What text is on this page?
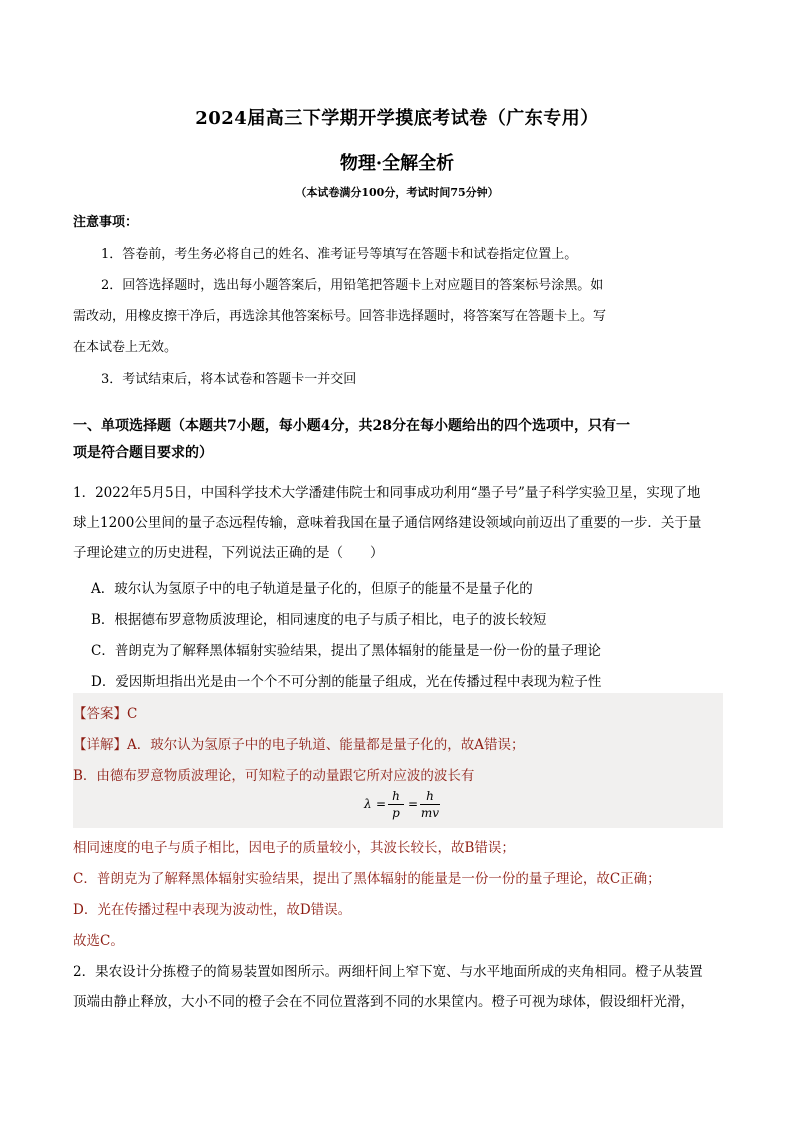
2024届高三下学期开学摸底考试卷（广东专用）
物理·全解全析
（本试卷满分100分，考试时间75分钟）
注意事项：
1．答卷前，考生务必将自己的姓名、准考证号等填写在答题卡和试卷指定位置上。
2．回答选择题时，选出每小题答案后，用铅笔把答题卡上对应题目的答案标号涂黑。如
需改动，用橡皮擦干净后，再选涂其他答案标号。回答非选择题时，将答案写在答题卡上。写
在本试卷上无效。
3．考试结束后，将本试卷和答题卡一并交回
一、单项选择题（本题共7小题，每小题4分，共28分在每小题给出的四个选项中，只有一
项是符合题目要求的）
1．2022年5月5日，中国科学技术大学潘建伟院士和同事成功利用“墨子号”量子科学实验卫星，实现了地
球上1200公里间的量子态远程传输，意味着我国在量子通信网络建设领域向前迈出了重要的一步．关于量
子理论建立的历史进程，下列说法正确的是（　　）
A．玻尔认为氢原子中的电子轨道是量子化的，但原子的能量不是量子化的
B．根据德布罗意物质波理论，相同速度的电子与质子相比，电子的波长较短
C．普朗克为了解释黑体辐射实验结果，提出了黑体辐射的能量是一份一份的量子理论
D．爱因斯坦指出光是由一个个不可分割的能量子组成，光在传播过程中表现为粒子性
【答案】C
【详解】A．玻尔认为氢原子中的电子轨道、能量都是量子化的，故A错误；
B．由德布罗意物质波理论，可知粒子的动量跟它所对应波的波长有
λ =
h
p
=
h
mv
相同速度的电子与质子相比，因电子的质量较小，其波长较长，故B错误；
C．普朗克为了解释黑体辐射实验结果，提出了黑体辐射的能量是一份一份的量子理论，故C正确；
D．光在传播过程中表现为波动性，故D错误。
故选C。
2．果农设计分拣橙子的简易装置如图所示。两细杆间上窄下宽、与水平地面所成的夹角相同。橙子从装置
顶端由静止释放，大小不同的橙子会在不同位置落到不同的水果筐内。橙子可视为球体，假设细杆光滑，
